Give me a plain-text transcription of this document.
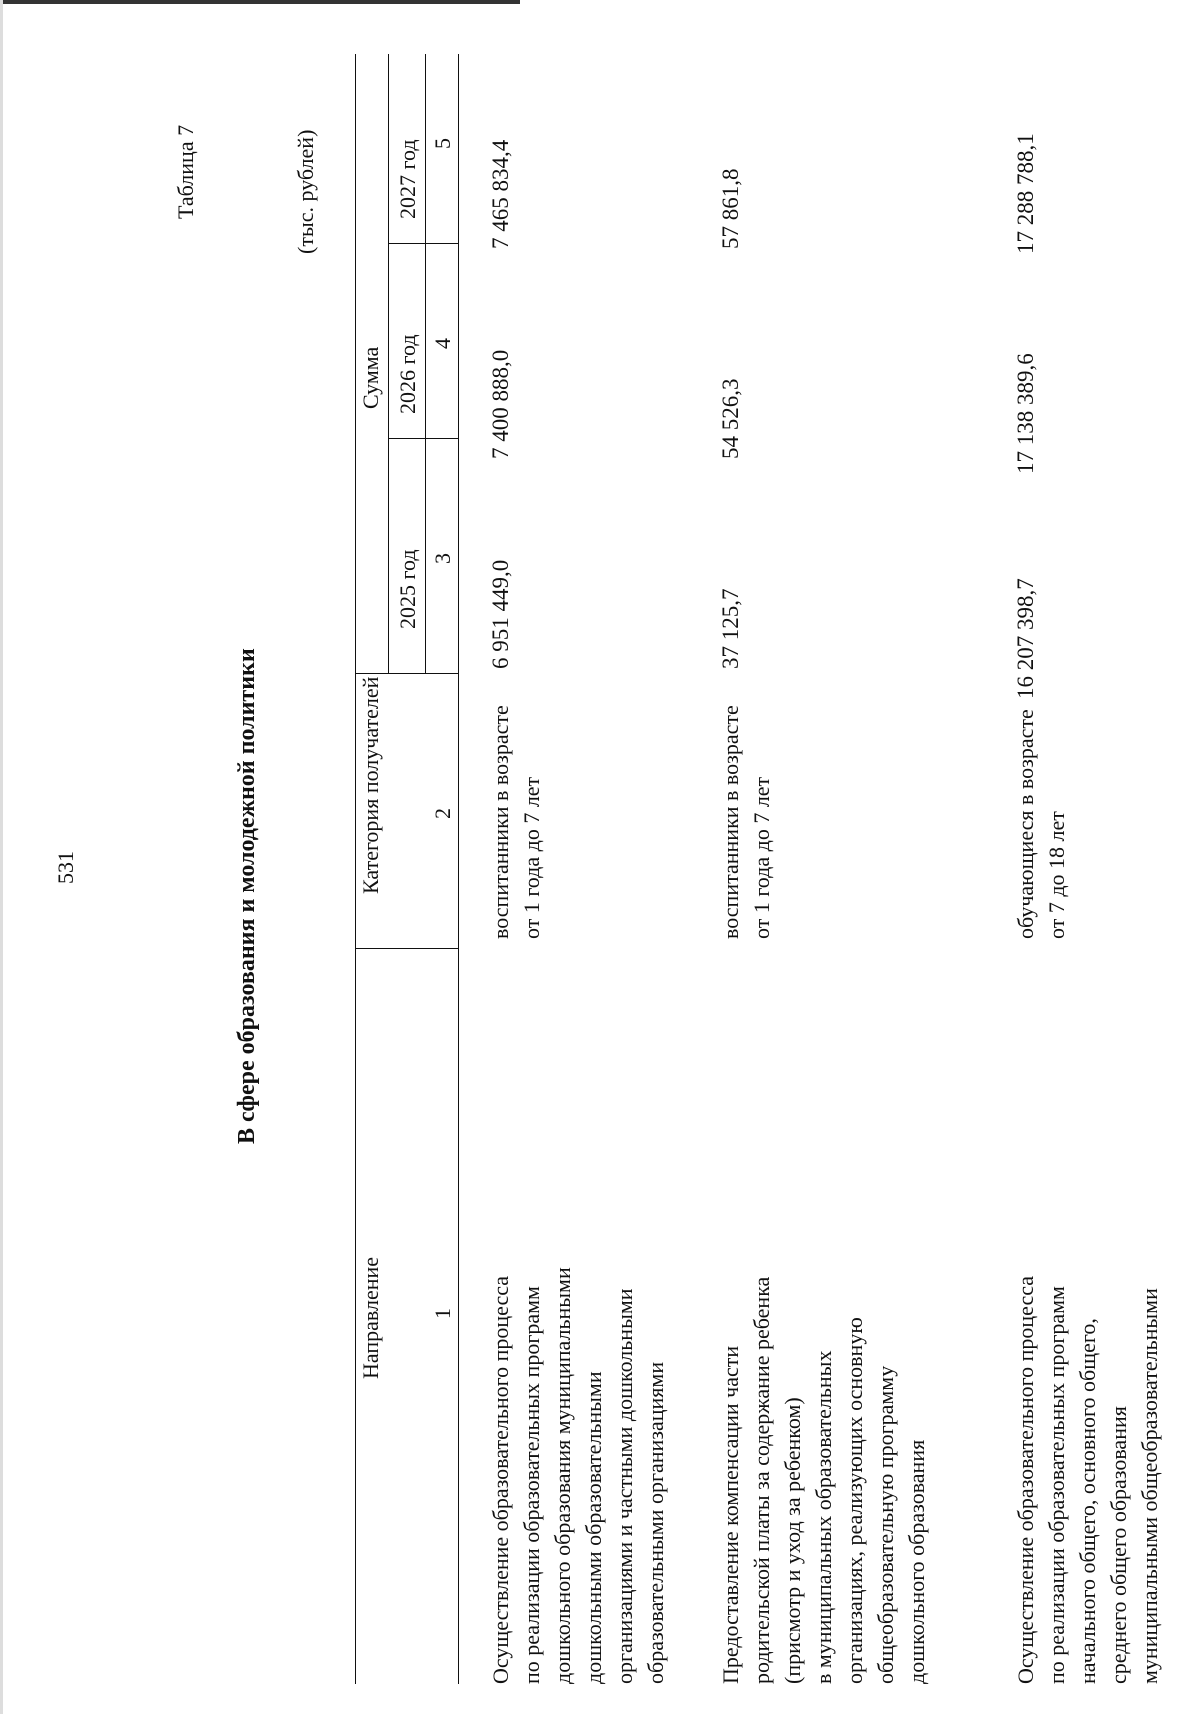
531
Таблица 7
В сфере образования и молодежной политики
(тыс. рублей)
Направление
Категория получателей
Сумма
2025 год
2026 год
2027 год
1
2
3
4
5
Осуществление образовательного процесса по реализации образовательных программ дошкольного образования муниципальными дошкольными образовательными организациями и частными дошкольными образовательными организациями
воспитанники в возрасте от 1 года до 7 лет
6 951 449,0
7 400 888,0
7 465 834,4
Предоставление компенсации части родительской платы за содержание ребенка (присмотр и уход за ребенком) в муниципальных образовательных организациях, реализующих основную общеобразовательную программу дошкольного образования
воспитанники в возрасте от 1 года до 7 лет
37 125,7
54 526,3
57 861,8
Осуществление образовательного процесса по реализации образовательных программ начального общего, основного общего, среднего общего образования муниципальными общеобразовательными
обучающиеся в возрасте от 7 до 18 лет
16 207 398,7
17 138 389,6
17 288 788,1
